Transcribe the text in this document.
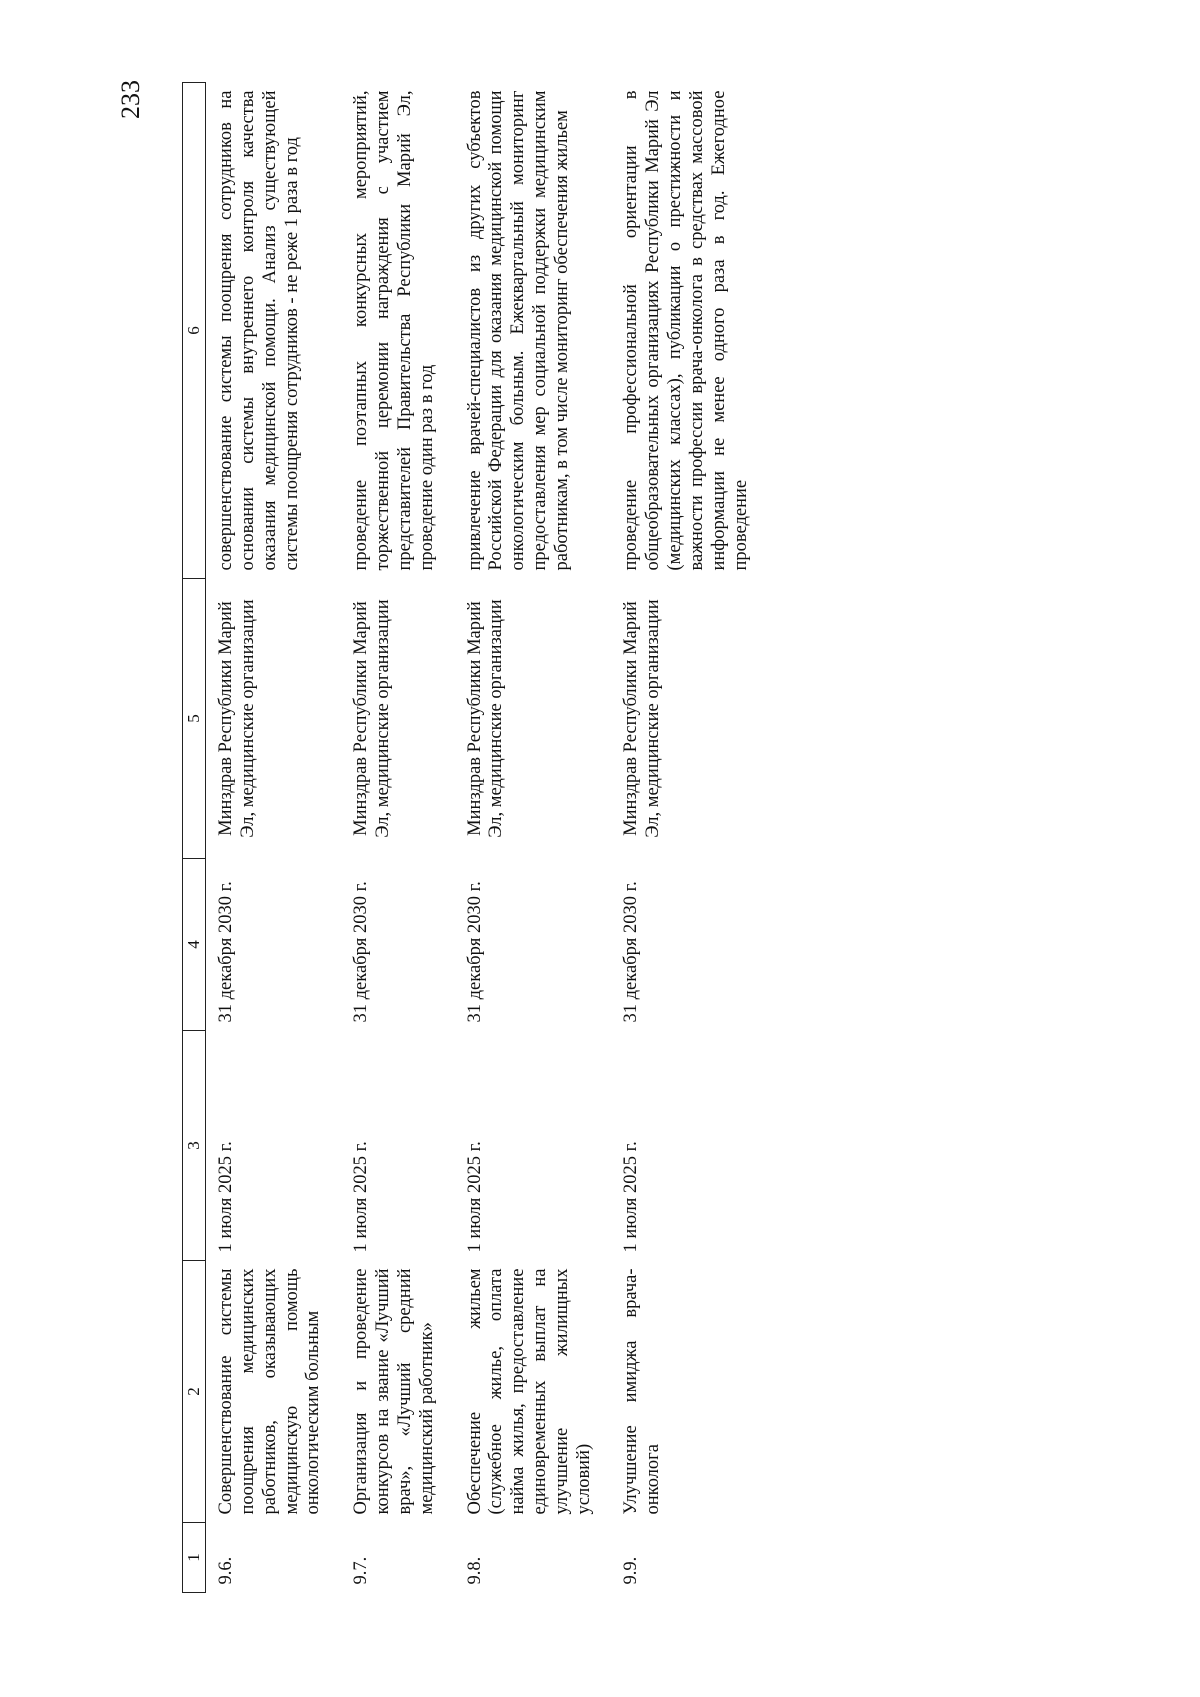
233
1	2	3	4	5	6
9.6.	Совершенствование системы поощрения медицинских работников, оказывающих медицинскую помощь онкологическим больным	1 июля 2025 г.	31 декабря 2030 г.	Минздрав Республики Марий Эл, медицинские организации	совершенствование системы поощрения сотрудников на основании системы внутреннего контроля качества оказания медицинской помощи. Анализ существующей системы поощрения сотрудников - не реже 1 раза в год
9.7.	Организация и проведение конкурсов на звание «Лучший врач», «Лучший средний медицинский работник»	1 июля 2025 г.	31 декабря 2030 г.	Минздрав Республики Марий Эл, медицинские организации	проведение поэтапных конкурсных мероприятий, торжественной церемонии награждения с участием представителей Правительства Республики Марий Эл, проведение один раз в год
9.8.	Обеспечение жильем (служебное жилье, оплата найма жилья, предоставление единовременных выплат на улучшение жилищных условий)	1 июля 2025 г.	31 декабря 2030 г.	Минздрав Республики Марий Эл, медицинские организации	привлечение врачей-специалистов из других субъектов Российской Федерации для оказания медицинской помощи онкологическим больным. Ежеквартальный мониторинг предоставления мер социальной поддержки медицинским работникам, в том числе мониторинг обеспечения жильем
9.9.	Улучшение имиджа врача-онколога	1 июля 2025 г.	31 декабря 2030 г.	Минздрав Республики Марий Эл, медицинские организации	проведение профессиональной ориентации в общеобразовательных организациях Республики Марий Эл (медицинских классах), публикации о престижности и важности профессии врача-онколога в средствах массовой информации не менее одного раза в год. Ежегодное проведение
